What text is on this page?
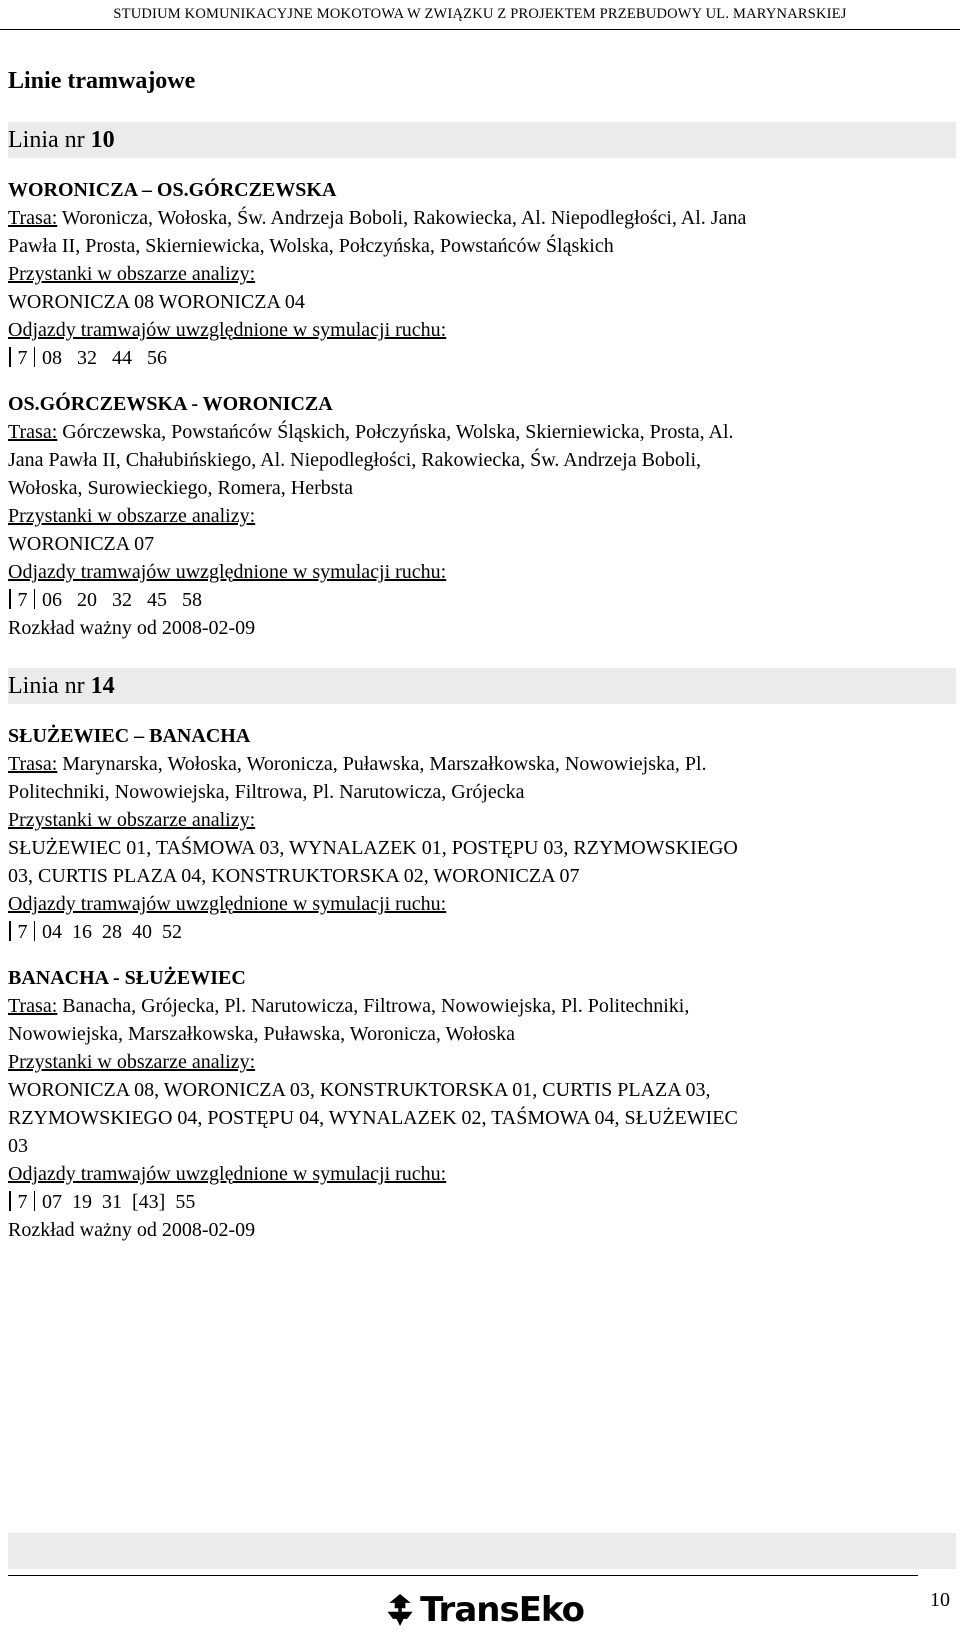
STUDIUM KOMUNIKACYJNE MOKOTOWA W ZWIĄZKU Z PROJEKTEM PRZEBUDOWY UL. MARYNARSKIEJ
Linie tramwajowe
Linia nr 10
WORONICZA – OS.GÓRCZEWSKA
Trasa: Woronicza, Wołoska, Św. Andrzeja Boboli, Rakowiecka, Al. Niepodległości, Al. Jana
Pawła II, Prosta, Skierniewicka, Wolska, Połczyńska, Powstańców Śląskich
Przystanki w obszarze analizy:
WORONICZA 08 WORONICZA 04
Odjazdy tramwajów uwzględnione w symulacji ruchu:
7 08   32   44   56
OS.GÓRCZEWSKA - WORONICZA
Trasa: Górczewska, Powstańców Śląskich, Połczyńska, Wolska, Skierniewicka, Prosta, Al.
Jana Pawła II, Chałubińskiego, Al. Niepodległości, Rakowiecka, Św. Andrzeja Boboli,
Wołoska, Surowieckiego, Romera, Herbsta
Przystanki w obszarze analizy:
WORONICZA 07
Odjazdy tramwajów uwzględnione w symulacji ruchu:
7 06   20   32   45   58
Rozkład ważny od 2008-02-09
Linia nr 14
SŁUŻEWIEC – BANACHA
Trasa: Marynarska, Wołoska, Woronicza, Puławska, Marszałkowska, Nowowiejska, Pl.
Politechniki, Nowowiejska, Filtrowa, Pl. Narutowicza, Grójecka
Przystanki w obszarze analizy:
SŁUŻEWIEC 01, TAŚMOWA 03, WYNALAZEK 01, POSTĘPU 03, RZYMOWSKIEGO
03, CURTIS PLAZA 04, KONSTRUKTORSKA 02, WORONICZA 07
Odjazdy tramwajów uwzględnione w symulacji ruchu:
7 04  16  28  40  52
BANACHA - SŁUŻEWIEC
Trasa: Banacha, Grójecka, Pl. Narutowicza, Filtrowa, Nowowiejska, Pl. Politechniki,
Nowowiejska, Marszałkowska, Puławska, Woronicza, Wołoska
Przystanki w obszarze analizy:
WORONICZA 08, WORONICZA 03, KONSTRUKTORSKA 01, CURTIS PLAZA 03,
RZYMOWSKIEGO 04, POSTĘPU 04, WYNALAZEK 02, TAŚMOWA 04, SŁUŻEWIEC
03
Odjazdy tramwajów uwzględnione w symulacji ruchu:
7 07  19  31  [43]  55
Rozkład ważny od 2008-02-09
TransEko	10
